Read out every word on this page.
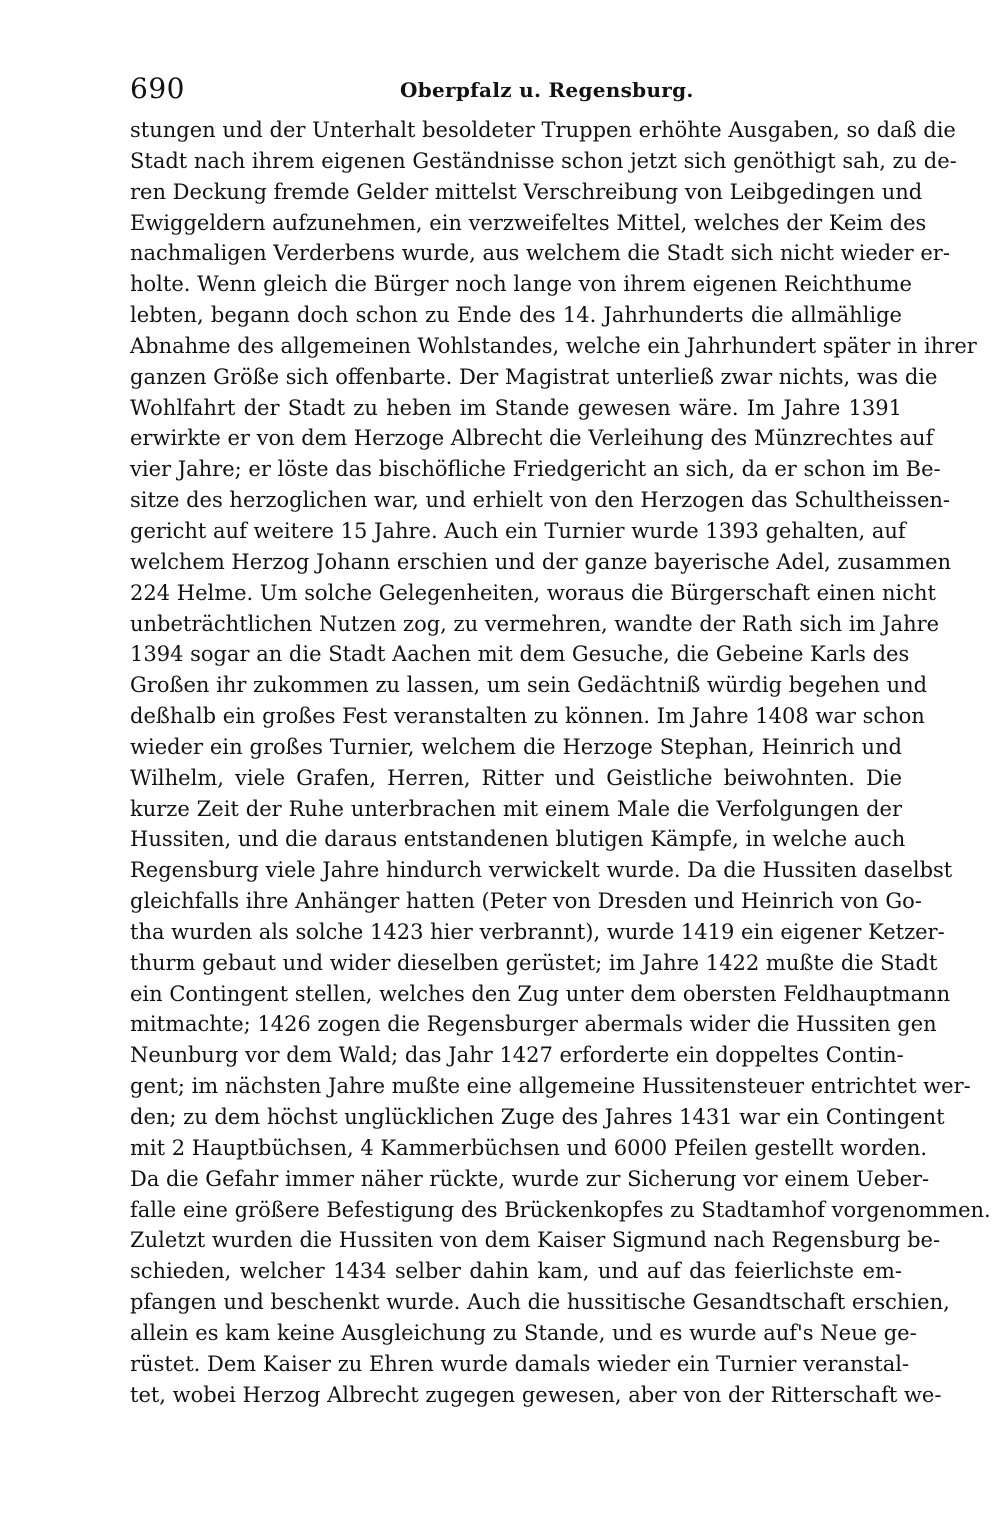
690	Oberpfalz u. Regensburg.
stungen und der Unterhalt besoldeter Truppen erhöhte Ausgaben, so daß die
Stadt nach ihrem eigenen Geständnisse schon jetzt sich genöthigt sah, zu de-
ren Deckung fremde Gelder mittelst Verschreibung von Leibgedingen und
Ewiggeldern aufzunehmen, ein verzweifeltes Mittel, welches der Keim des
nachmaligen Verderbens wurde, aus welchem die Stadt sich nicht wieder er-
holte. Wenn gleich die Bürger noch lange von ihrem eigenen Reichthume
lebten, begann doch schon zu Ende des 14. Jahrhunderts die allmählige
Abnahme des allgemeinen Wohlstandes, welche ein Jahrhundert später in ihrer
ganzen Größe sich offenbarte. Der Magistrat unterließ zwar nichts, was die
Wohlfahrt der Stadt zu heben im Stande gewesen wäre. Im Jahre 1391
erwirkte er von dem Herzoge Albrecht die Verleihung des Münzrechtes auf
vier Jahre; er löste das bischöfliche Friedgericht an sich, da er schon im Be-
sitze des herzoglichen war, und erhielt von den Herzogen das Schultheissen-
gericht auf weitere 15 Jahre. Auch ein Turnier wurde 1393 gehalten, auf
welchem Herzog Johann erschien und der ganze bayerische Adel, zusammen
224 Helme. Um solche Gelegenheiten, woraus die Bürgerschaft einen nicht
unbeträchtlichen Nutzen zog, zu vermehren, wandte der Rath sich im Jahre
1394 sogar an die Stadt Aachen mit dem Gesuche, die Gebeine Karls des
Großen ihr zukommen zu lassen, um sein Gedächtniß würdig begehen und
deßhalb ein großes Fest veranstalten zu können. Im Jahre 1408 war schon
wieder ein großes Turnier, welchem die Herzoge Stephan, Heinrich und
Wilhelm, viele Grafen, Herren, Ritter und Geistliche beiwohnten. Die
kurze Zeit der Ruhe unterbrachen mit einem Male die Verfolgungen der
Hussiten, und die daraus entstandenen blutigen Kämpfe, in welche auch
Regensburg viele Jahre hindurch verwickelt wurde. Da die Hussiten daselbst
gleichfalls ihre Anhänger hatten (Peter von Dresden und Heinrich von Go-
tha wurden als solche 1423 hier verbrannt), wurde 1419 ein eigener Ketzer-
thurm gebaut und wider dieselben gerüstet; im Jahre 1422 mußte die Stadt
ein Contingent stellen, welches den Zug unter dem obersten Feldhauptmann
mitmachte; 1426 zogen die Regensburger abermals wider die Hussiten gen
Neunburg vor dem Wald; das Jahr 1427 erforderte ein doppeltes Contin-
gent; im nächsten Jahre mußte eine allgemeine Hussitensteuer entrichtet wer-
den; zu dem höchst unglücklichen Zuge des Jahres 1431 war ein Contingent
mit 2 Hauptbüchsen, 4 Kammerbüchsen und 6000 Pfeilen gestellt worden.
Da die Gefahr immer näher rückte, wurde zur Sicherung vor einem Ueber-
falle eine größere Befestigung des Brückenkopfes zu Stadtamhof vorgenommen.
Zuletzt wurden die Hussiten von dem Kaiser Sigmund nach Regensburg be-
schieden, welcher 1434 selber dahin kam, und auf das feierlichste em-
pfangen und beschenkt wurde. Auch die hussitische Gesandtschaft erschien,
allein es kam keine Ausgleichung zu Stande, und es wurde auf's Neue ge-
rüstet. Dem Kaiser zu Ehren wurde damals wieder ein Turnier veranstal-
tet, wobei Herzog Albrecht zugegen gewesen, aber von der Ritterschaft we-
